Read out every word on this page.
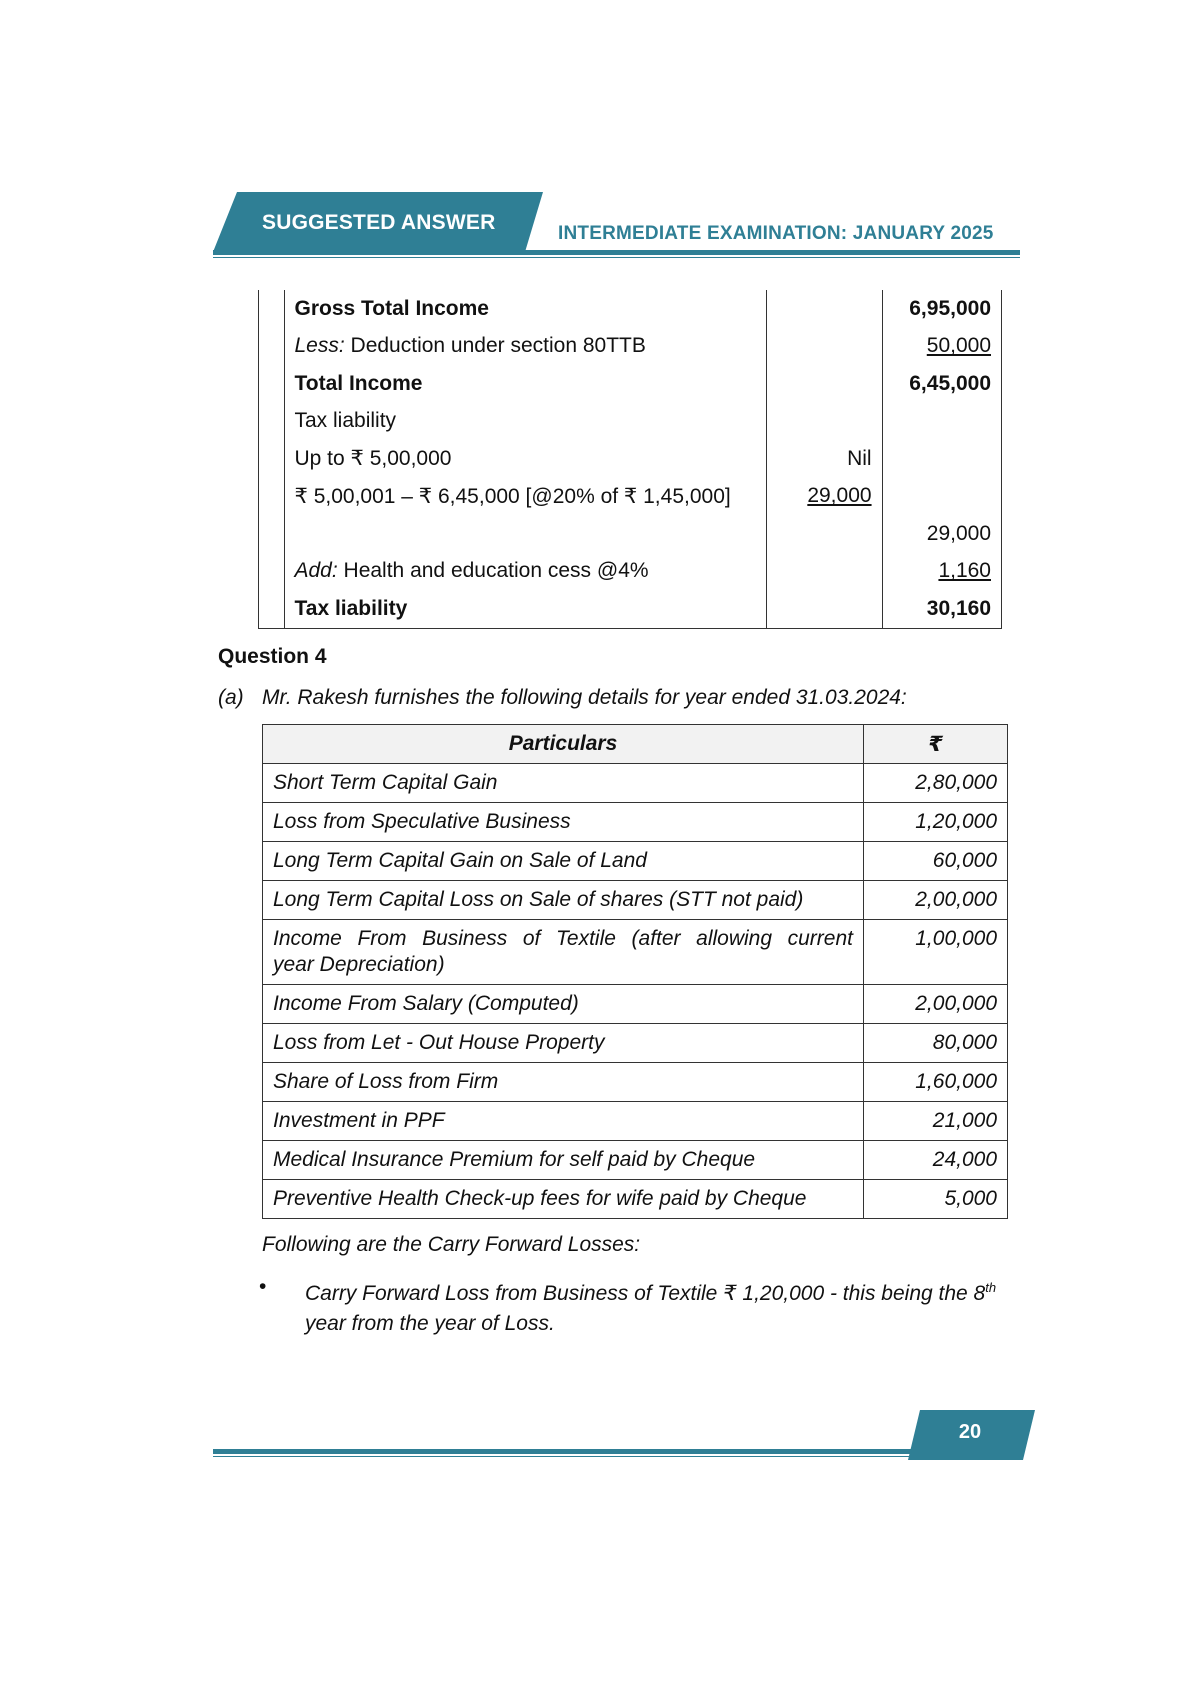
SUGGESTED ANSWER	INTERMEDIATE EXAMINATION: JANUARY 2025
	Gross Total Income		6,95,000
	Less: Deduction under section 80TTB		50,000
	Total Income		6,45,000
	Tax liability		
	Up to ₹ 5,00,000	Nil	
	₹ 5,00,001 – ₹ 6,45,000 [@20% of ₹ 1,45,000]	29,000	
			29,000
	Add: Health and education cess @4%		1,160
	Tax liability		30,160
Question 4
(a) Mr. Rakesh furnishes the following details for year ended 31.03.2024:
Particulars	₹
Short Term Capital Gain	2,80,000
Loss from Speculative Business	1,20,000
Long Term Capital Gain on Sale of Land	60,000
Long Term Capital Loss on Sale of shares (STT not paid)	2,00,000

Income From Business of Textile (after allowing current
year Depreciation)	1,00,000
Income From Salary (Computed)	2,00,000
Loss from Let - Out House Property	80,000
Share of Loss from Firm	1,60,000
Investment in PPF	21,000
Medical Insurance Premium for self paid by Cheque	24,000
Preventive Health Check-up fees for wife paid by Cheque	5,000
Following are the Carry Forward Losses:
• Carry Forward Loss from Business of Textile ₹ 1,20,000 - this being the 8th year from the year of Loss.
20
